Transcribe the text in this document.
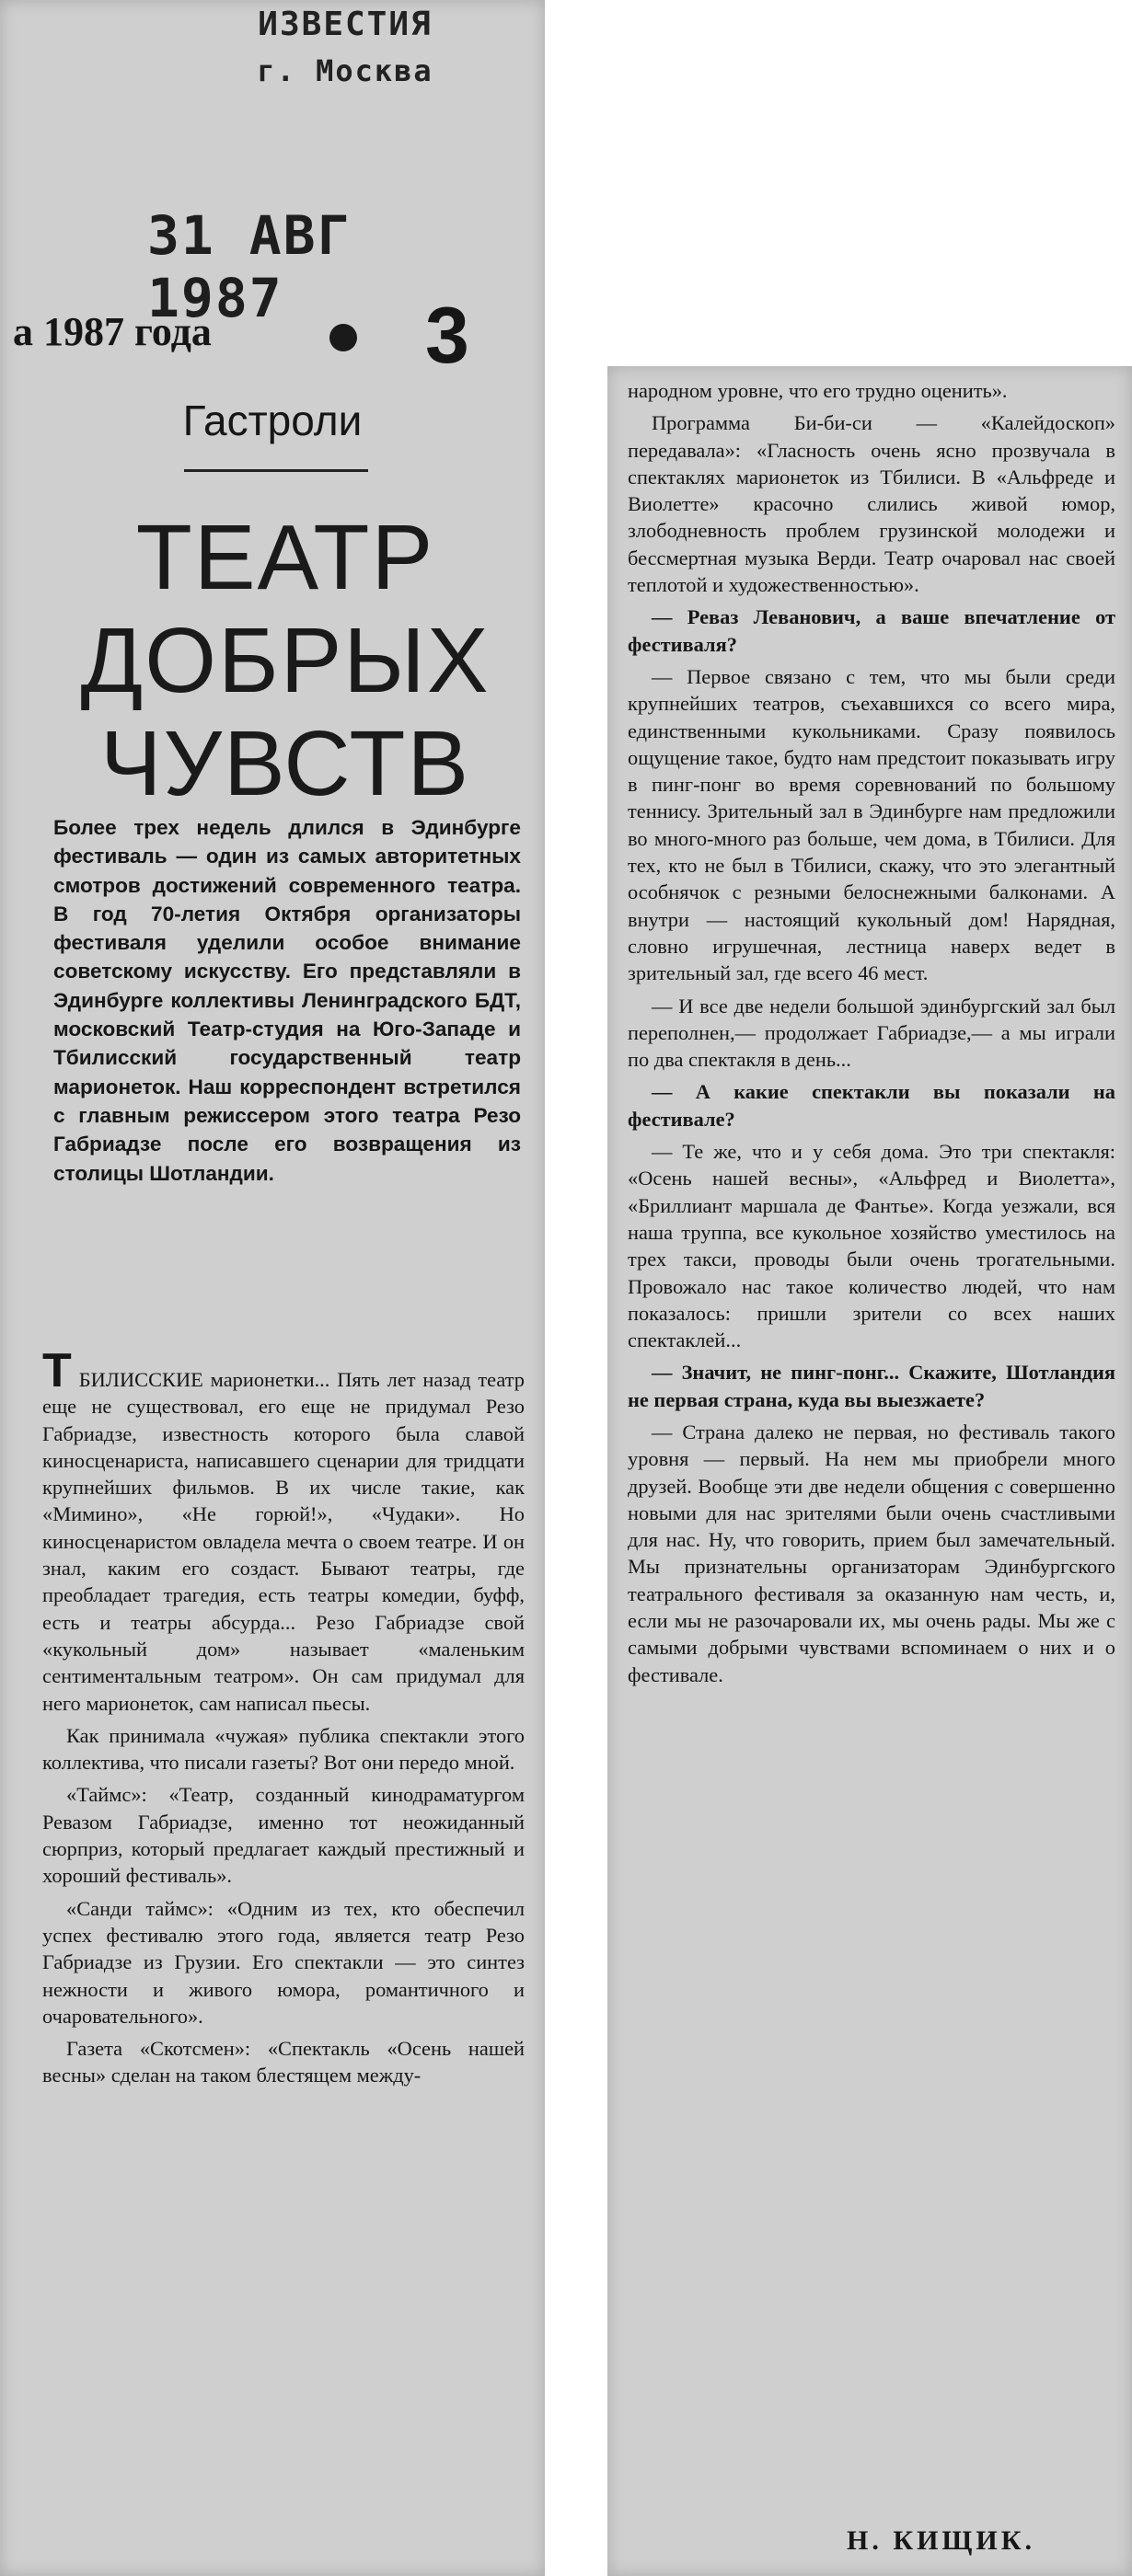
ИЗВЕСТИЯ
г. Москва
31 АВГ 1987
а 1987 года	3
Гастроли
ТЕАТР
ДОБРЫХ
ЧУВСТВ
Более трех недель длился в Эдинбурге фестиваль — один из самых авторитетных смотров достижений современного театра. В год 70-летия Октября организаторы фестиваля уделили особое внимание советскому искусству. Его представляли в Эдинбурге коллективы Ленинградского БДТ, московский Театр-студия на Юго-Западе и Тбилисский государственный театр марионеток. Наш корреспондент встретился с главным режиссером этого театра Резо Габриадзе после его возвращения из столицы Шотландии.

ТБИЛИССКИЕ марионетки... Пять лет назад театр еще не существовал, его еще не придумал Резо Габриадзе, известность которого была славой киносценариста, написавшего сценарии для тридцати крупнейших фильмов. В их числе такие, как «Мимино», «Не горюй!», «Чудаки». Но киносценаристом овладела мечта о своем театре. И он знал, каким его создаст. Бывают театры, где преобладает трагедия, есть театры комедии, буфф, есть и театры абсурда... Резо Габриадзе свой «кукольный дом» называет «маленьким сентиментальным театром». Он сам придумал для него марионеток, сам написал пьесы.

Как принимала «чужая» публика спектакли этого коллектива, что писали газеты? Вот они передо мной.

«Таймс»: «Театр, созданный кинодраматургом Ревазом Габриадзе, именно тот неожиданный сюрприз, который предлагает каждый престижный и хороший фестиваль».

«Санди таймс»: «Одним из тех, кто обеспечил успех фестивалю этого года, является театр Резо Габриадзе из Грузии. Его спектакли — это синтез нежности и живого юмора, романтичного и очаровательного».

Газета «Скотсмен»: «Спектакль «Осень нашей весны» сделан на таком блестящем между-

народном уровне, что его трудно оценить».

Программа Би-би-си — «Калейдоскоп» передавала»: «Гласность очень ясно прозвучала в спектаклях марионеток из Тбилиси. В «Альфреде и Виолетте» красочно слились живой юмор, злободневность проблем грузинской молодежи и бессмертная музыка Верди. Театр очаровал нас своей теплотой и художественностью».

— Реваз Леванович, а ваше впечатление от фестиваля?

— Первое связано с тем, что мы были среди крупнейших театров, съехавшихся со всего мира, единственными кукольниками. Сразу появилось ощущение такое, будто нам предстоит показывать игру в пинг-понг во время соревнований по большому теннису. Зрительный зал в Эдинбурге нам предложили во много-много раз больше, чем дома, в Тбилиси. Для тех, кто не был в Тбилиси, скажу, что это элегантный особнячок с резными белоснежными балконами. А внутри — настоящий кукольный дом! Нарядная, словно игрушечная, лестница наверх ведет в зрительный зал, где всего 46 мест.

— И все две недели большой эдинбургский зал был переполнен,— продолжает Габриадзе,— а мы играли по два спектакля в день...

— А какие спектакли вы показали на фестивале?

— Те же, что и у себя дома. Это три спектакля: «Осень нашей весны», «Альфред и Виолетта», «Бриллиант маршала де Фантье». Когда уезжали, вся наша труппа, все кукольное хозяйство уместилось на трех такси, проводы были очень трогательными. Провожало нас такое количество людей, что нам показалось: пришли зрители со всех наших спектаклей...

— Значит, не пинг-понг... Скажите, Шотландия не первая страна, куда вы выезжаете?

— Страна далеко не первая, но фестиваль такого уровня — первый. На нем мы приобрели много друзей. Вообще эти две недели общения с совершенно новыми для нас зрителями были очень счастливыми для нас. Ну, что говорить, прием был замечательный. Мы признательны организаторам Эдинбургского театрального фестиваля за оказанную нам честь, и, если мы не разочаровали их, мы очень рады. Мы же с самыми добрыми чувствами вспоминаем о них и о фестивале.

Н. КИЩИК.
